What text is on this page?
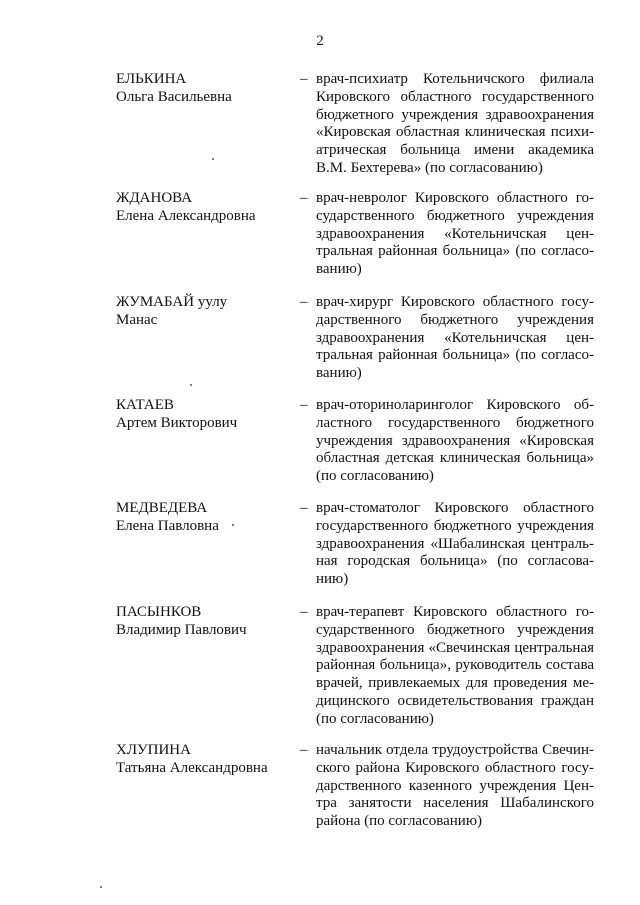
2
ЕЛЬКИНА
Ольга Васильевна
– врач-психиатр Котельничского филиала
Кировского областного государственного
бюджетного учреждения здравоохранения
«Кировская областная клиническая психи-
атрическая больница имени академика
В.М. Бехтерева» (по согласованию)
ЖДАНОВА
Елена Александровна
– врач-невролог Кировского областного го-
сударственного бюджетного учреждения
здравоохранения «Котельничская цен-
тральная районная больница» (по согласо-
ванию)
ЖУМАБАЙ уулу
Манас
– врач-хирург Кировского областного госу-
дарственного бюджетного учреждения
здравоохранения «Котельничская цен-
тральная районная больница» (по согласо-
ванию)
КАТАЕВ
Артем Викторович
– врач-оториноларинголог Кировского об-
ластного государственного бюджетного
учреждения здравоохранения «Кировская
областная детская клиническая больница»
(по согласованию)
МЕДВЕДЕВА
Елена Павловна
– врач-стоматолог Кировского областного
государственного бюджетного учреждения
здравоохранения «Шабалинская централь-
ная городская больница» (по согласова-
нию)
ПАСЫНКОВ
Владимир Павлович
– врач-терапевт Кировского областного го-
сударственного бюджетного учреждения
здравоохранения «Свечинская центральная
районная больница», руководитель состава
врачей, привлекаемых для проведения ме-
дицинского освидетельствования граждан
(по согласованию)
ХЛУПИНА
Татьяна Александровна
– начальник отдела трудоустройства Свечин-
ского района Кировского областного госу-
дарственного казенного учреждения Цен-
тра занятости населения Шабалинского
района (по согласованию)
